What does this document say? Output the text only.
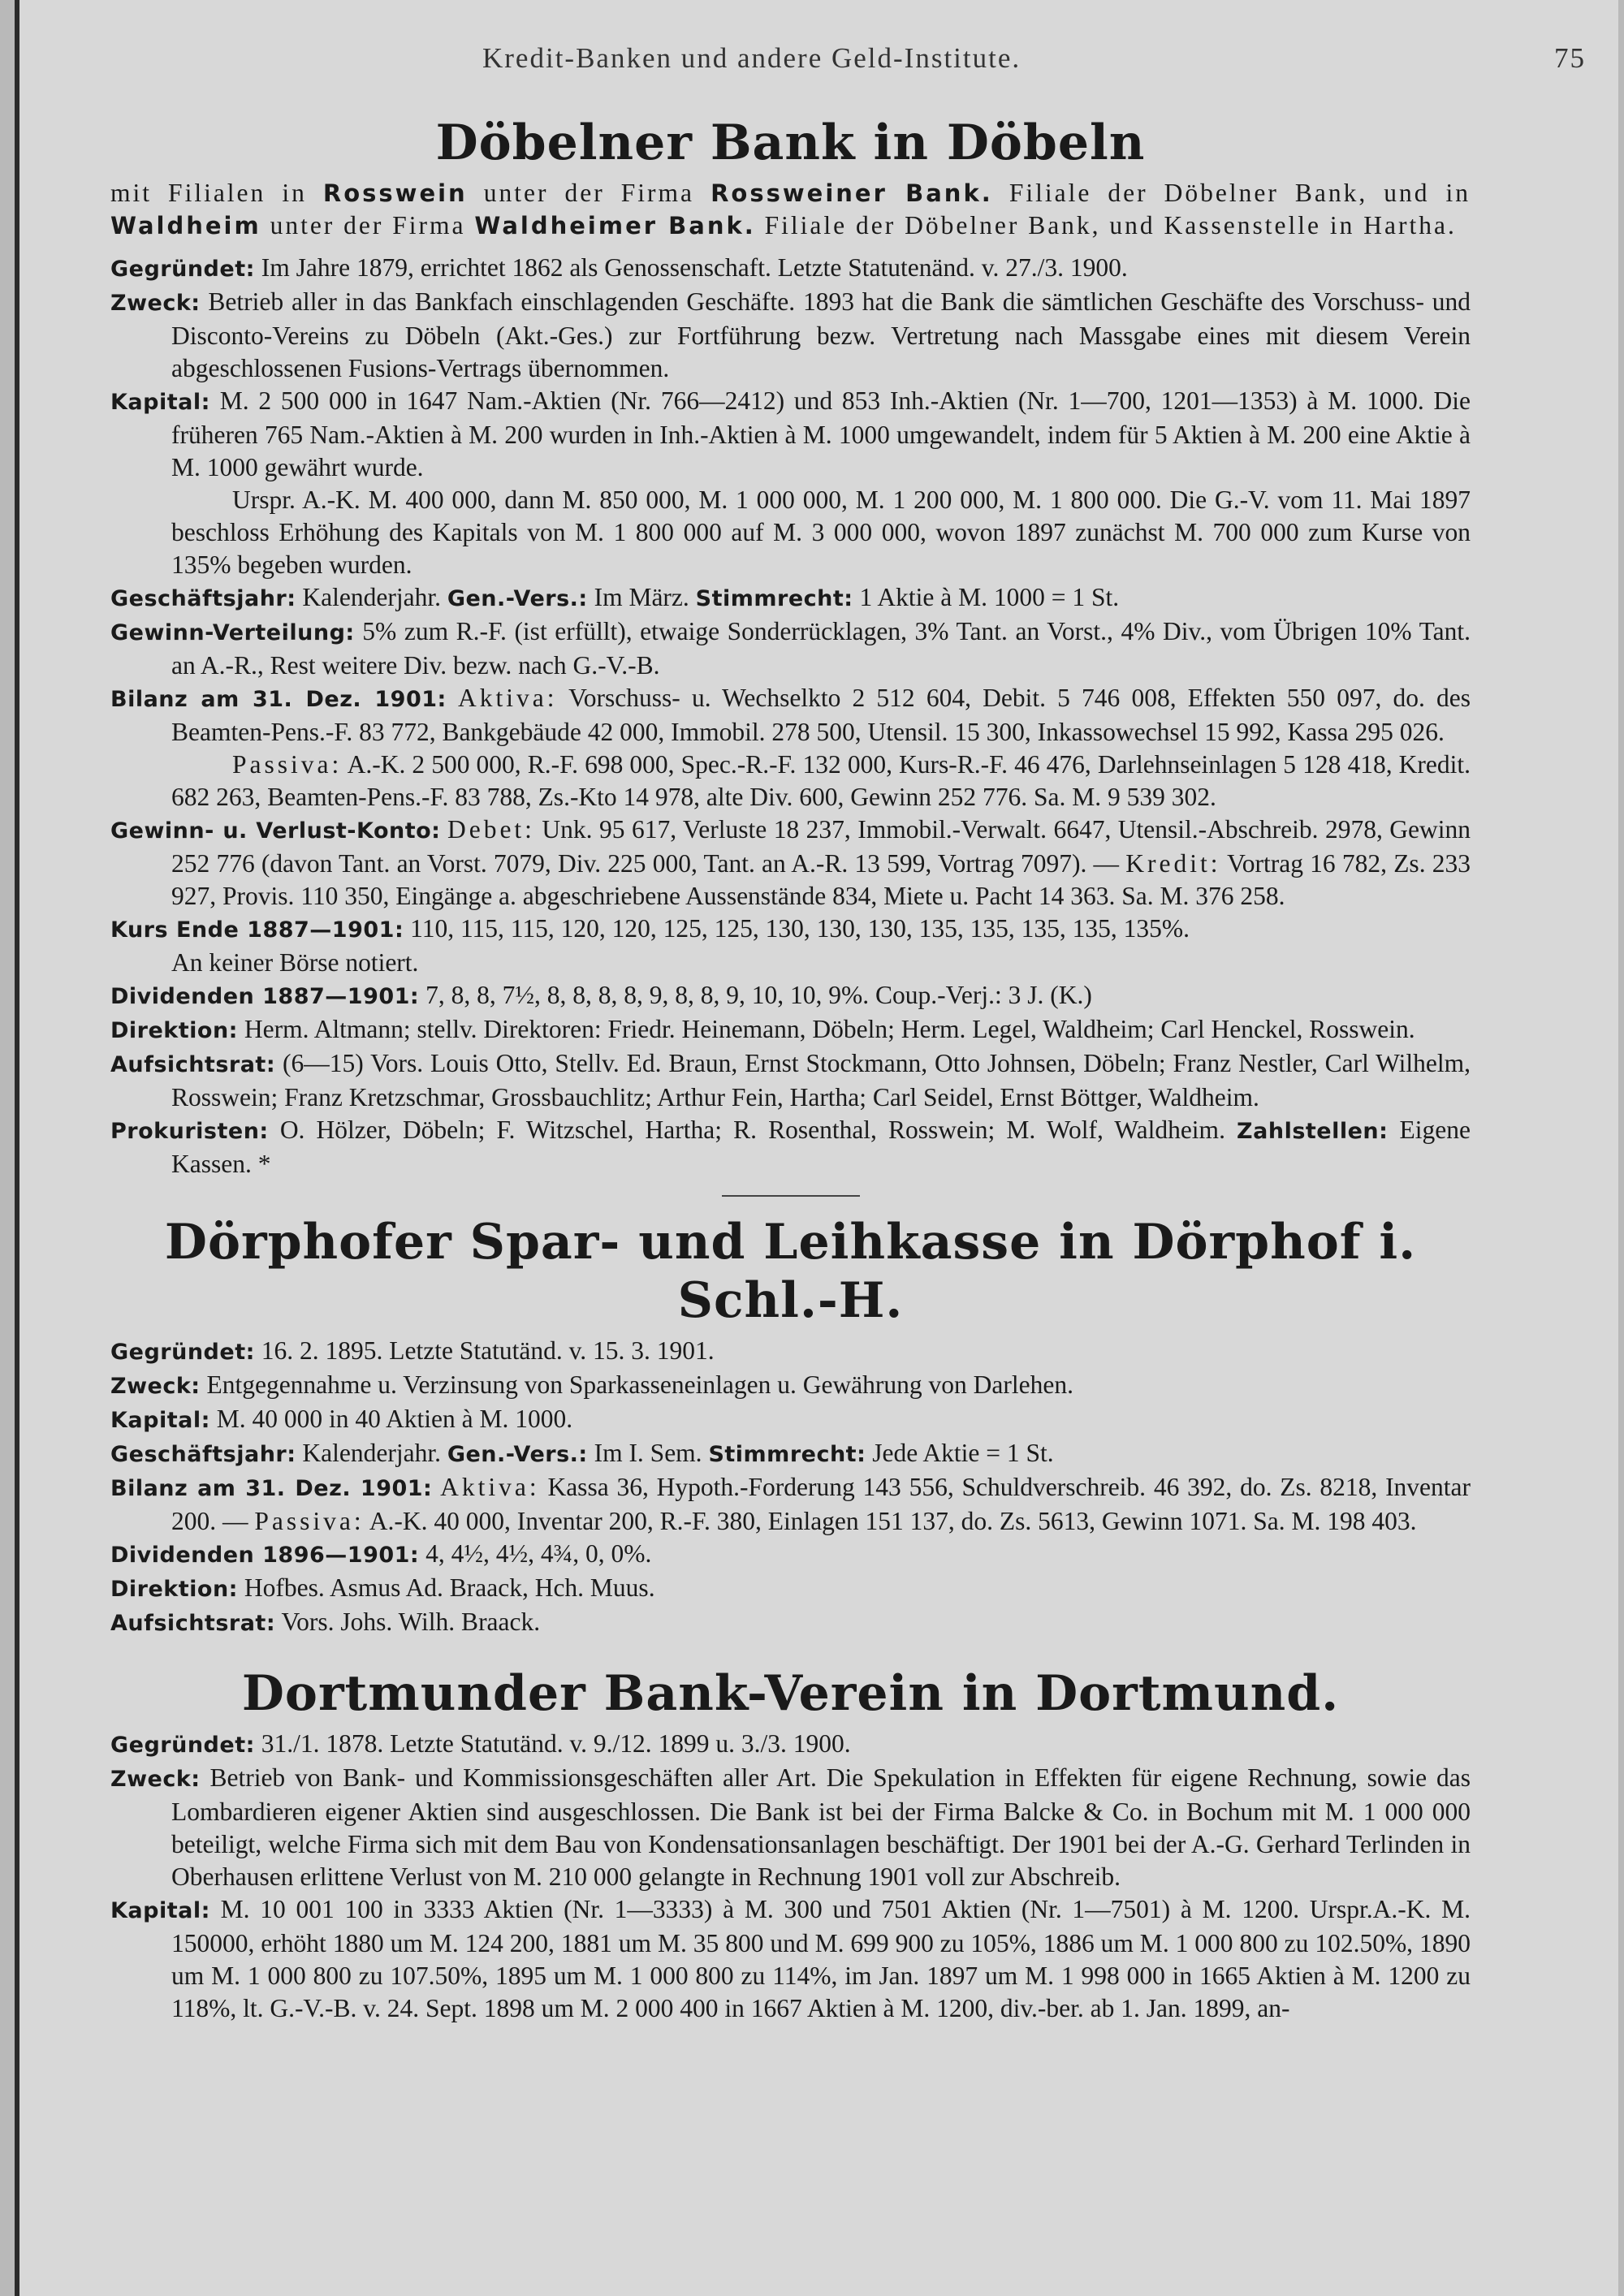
Kredit-Banken und andere Geld-Institute.	75
Döbelner Bank in Döbeln

mit Filialen in Rosswein unter der Firma Rossweiner Bank. Filiale der Döbelner Bank, und in Waldheim unter der Firma Waldheimer Bank. Filiale der Döbelner Bank, und Kassenstelle in Hartha.

Gegründet: Im Jahre 1879, errichtet 1862 als Genossenschaft. Letzte Statutenänd. v. 27./3. 1900.

Zweck: Betrieb aller in das Bankfach einschlagenden Geschäfte. 1893 hat die Bank die sämtlichen Geschäfte des Vorschuss- und Disconto-Vereins zu Döbeln (Akt.-Ges.) zur Fortführung bezw. Vertretung nach Massgabe eines mit diesem Verein abgeschlossenen Fusions-Vertrags übernommen.

Kapital: M. 2 500 000 in 1647 Nam.-Aktien (Nr. 766—2412) und 853 Inh.-Aktien (Nr. 1—700, 1201—1353) à M. 1000. Die früheren 765 Nam.-Aktien à M. 200 wurden in Inh.-Aktien à M. 1000 umgewandelt, indem für 5 Aktien à M. 200 eine Aktie à M. 1000 gewährt wurde.

Urspr. A.-K. M. 400 000, dann M. 850 000, M. 1 000 000, M. 1 200 000, M. 1 800 000. Die G.-V. vom 11. Mai 1897 beschloss Erhöhung des Kapitals von M. 1 800 000 auf M. 3 000 000, wovon 1897 zunächst M. 700 000 zum Kurse von 135% begeben wurden.

Geschäftsjahr: Kalenderjahr. Gen.-Vers.: Im März. Stimmrecht: 1 Aktie à M. 1000 = 1 St.

Gewinn-Verteilung: 5% zum R.-F. (ist erfüllt), etwaige Sonderrücklagen, 3% Tant. an Vorst., 4% Div., vom Übrigen 10% Tant. an A.-R., Rest weitere Div. bezw. nach G.-V.-B.

Bilanz am 31. Dez. 1901: Aktiva: Vorschuss- u. Wechselkto 2 512 604, Debit. 5 746 008, Effekten 550 097, do. des Beamten-Pens.-F. 83 772, Bankgebäude 42 000, Immobil. 278 500, Utensil. 15 300, Inkassowechsel 15 992, Kassa 295 026.

Passiva: A.-K. 2 500 000, R.-F. 698 000, Spec.-R.-F. 132 000, Kurs-R.-F. 46 476, Darlehnseinlagen 5 128 418, Kredit. 682 263, Beamten-Pens.-F. 83 788, Zs.-Kto 14 978, alte Div. 600, Gewinn 252 776. Sa. M. 9 539 302.

Gewinn- u. Verlust-Konto: Debet: Unk. 95 617, Verluste 18 237, Immobil.-Verwalt. 6647, Utensil.-Abschreib. 2978, Gewinn 252 776 (davon Tant. an Vorst. 7079, Div. 225 000, Tant. an A.-R. 13 599, Vortrag 7097). — Kredit: Vortrag 16 782, Zs. 233 927, Provis. 110 350, Eingänge a. abgeschriebene Aussenstände 834, Miete u. Pacht 14 363. Sa. M. 376 258.

Kurs Ende 1887—1901: 110, 115, 115, 120, 120, 125, 125, 130, 130, 130, 135, 135, 135, 135, 135%.
An keiner Börse notiert.

Dividenden 1887—1901: 7, 8, 8, 7½, 8, 8, 8, 8, 9, 8, 8, 9, 10, 10, 9%. Coup.-Verj.: 3 J. (K.)

Direktion: Herm. Altmann; stellv. Direktoren: Friedr. Heinemann, Döbeln; Herm. Legel, Waldheim; Carl Henckel, Rosswein.

Aufsichtsrat: (6—15) Vors. Louis Otto, Stellv. Ed. Braun, Ernst Stockmann, Otto Johnsen, Döbeln; Franz Nestler, Carl Wilhelm, Rosswein; Franz Kretzschmar, Grossbauchlitz; Arthur Fein, Hartha; Carl Seidel, Ernst Böttger, Waldheim.

Prokuristen: O. Hölzer, Döbeln; F. Witzschel, Hartha; R. Rosenthal, Rosswein; M. Wolf, Waldheim. Zahlstellen: Eigene Kassen. *

Dörphofer Spar- und Leihkasse in Dörphof i. Schl.-H.

Gegründet: 16. 2. 1895. Letzte Statutänd. v. 15. 3. 1901.

Zweck: Entgegennahme u. Verzinsung von Sparkasseneinlagen u. Gewährung von Darlehen.

Kapital: M. 40 000 in 40 Aktien à M. 1000.

Geschäftsjahr: Kalenderjahr. Gen.-Vers.: Im I. Sem. Stimmrecht: Jede Aktie = 1 St.

Bilanz am 31. Dez. 1901: Aktiva: Kassa 36, Hypoth.-Forderung 143 556, Schuldverschreib. 46 392, do. Zs. 8218, Inventar 200. — Passiva: A.-K. 40 000, Inventar 200, R.-F. 380, Einlagen 151 137, do. Zs. 5613, Gewinn 1071. Sa. M. 198 403.

Dividenden 1896—1901: 4, 4½, 4½, 4¾, 0, 0%.

Direktion: Hofbes. Asmus Ad. Braack, Hch. Muus.

Aufsichtsrat: Vors. Johs. Wilh. Braack.

Dortmunder Bank-Verein in Dortmund.

Gegründet: 31./1. 1878. Letzte Statutänd. v. 9./12. 1899 u. 3./3. 1900.

Zweck: Betrieb von Bank- und Kommissionsgeschäften aller Art. Die Spekulation in Effekten für eigene Rechnung, sowie das Lombardieren eigener Aktien sind ausgeschlossen. Die Bank ist bei der Firma Balcke & Co. in Bochum mit M. 1 000 000 beteiligt, welche Firma sich mit dem Bau von Kondensationsanlagen beschäftigt. Der 1901 bei der A.-G. Gerhard Terlinden in Oberhausen erlittene Verlust von M. 210 000 gelangte in Rechnung 1901 voll zur Abschreib.

Kapital: M. 10 001 100 in 3333 Aktien (Nr. 1—3333) à M. 300 und 7501 Aktien (Nr. 1—7501) à M. 1200. Urspr.A.-K. M. 150000, erhöht 1880 um M. 124 200, 1881 um M. 35 800 und M. 699 900 zu 105%, 1886 um M. 1 000 800 zu 102.50%, 1890 um M. 1 000 800 zu 107.50%, 1895 um M. 1 000 800 zu 114%, im Jan. 1897 um M. 1 998 000 in 1665 Aktien à M. 1200 zu 118%, lt. G.-V.-B. v. 24. Sept. 1898 um M. 2 000 400 in 1667 Aktien à M. 1200, div.-ber. ab 1. Jan. 1899, an-
